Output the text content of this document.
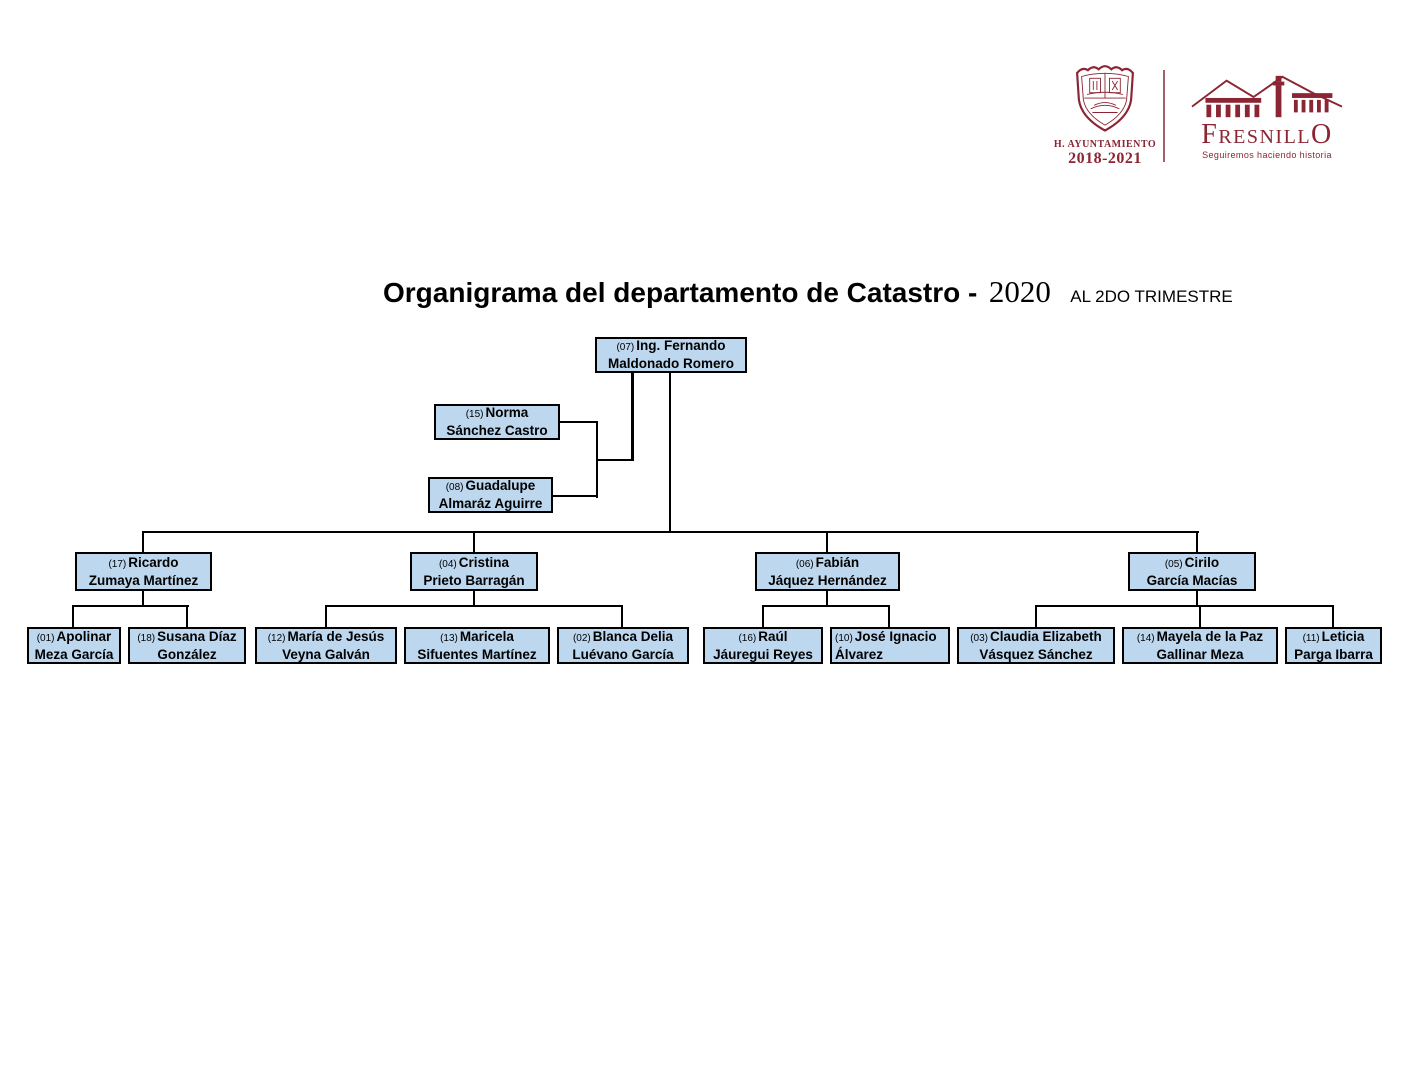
H. AYUNTAMIENTO
2018-2021
FRESNILLO
Seguiremos haciendo historia
Organigrama del departamento de Catastro - 2020 AL 2DO TRIMESTRE
(07) Ing. Fernando
Maldonado Romero
(15) Norma
Sánchez Castro
(08) Guadalupe
Almaráz Aguirre
(17) Ricardo
Zumaya Martínez
(04) Cristina
Prieto Barragán
(06) Fabián
Jáquez Hernández
(05) Cirilo
García Macías
(01) Apolinar
Meza García
(18) Susana Díaz
González
(12) María de Jesús
Veyna Galván
(13) Maricela
Sifuentes Martínez
(02) Blanca Delia
Luévano García
(16) Raúl
Jáuregui Reyes
(10) José Ignacio
Álvarez
(03) Claudia Elizabeth
Vásquez Sánchez
(14) Mayela de la Paz
Gallinar Meza
(11) Leticia
Parga Ibarra
